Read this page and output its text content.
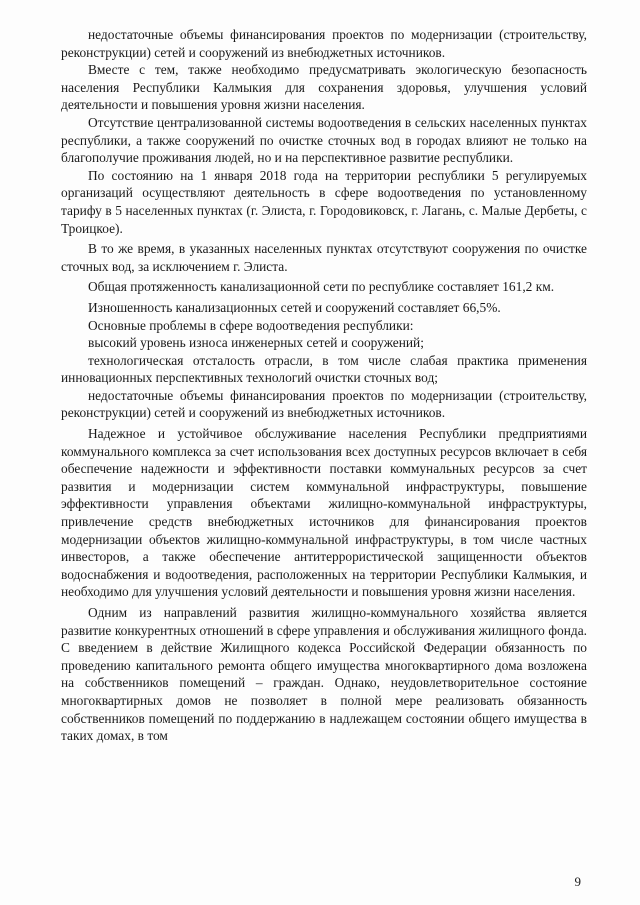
недостаточные объемы финансирования проектов по модернизации (строительству, реконструкции) сетей и сооружений из внебюджетных источников.

Вместе с тем, также необходимо предусматривать экологическую безопасность населения Республики Калмыкия для сохранения здоровья, улучшения условий деятельности и повышения уровня жизни населения.

Отсутствие централизованной системы водоотведения в сельских населенных пунктах республики, а также сооружений по очистке сточных вод в городах влияют не только на благополучие проживания людей, но и на перспективное развитие республики.

По состоянию на 1 января 2018 года на территории республики 5 регулируемых организаций осуществляют деятельность в сфере водоотведения по установленному тарифу в 5 населенных пунктах (г. Элиста, г. Городовиковск, г. Лагань, с. Малые Дербеты, с Троицкое).

В то же время, в указанных населенных пунктах отсутствуют сооружения по очистке сточных вод, за исключением г. Элиста.

Общая протяженность канализационной сети по республике составляет 161,2 км.

Изношенность канализационных сетей и сооружений составляет 66,5%.

Основные проблемы в сфере водоотведения республики:

высокий уровень износа инженерных сетей и сооружений;

технологическая отсталость отрасли, в том числе слабая практика применения инновационных перспективных технологий очистки сточных вод;

недостаточные объемы финансирования проектов по модернизации (строительству, реконструкции) сетей и сооружений из внебюджетных источников.

Надежное и устойчивое обслуживание населения Республики предприятиями коммунального комплекса за счет использования всех доступных ресурсов включает в себя обеспечение надежности и эффективности поставки коммунальных ресурсов за счет развития и модернизации систем коммунальной инфраструктуры, повышение эффективности управления объектами жилищно-коммунальной инфраструктуры, привлечение средств внебюджетных источников для финансирования проектов модернизации объектов жилищно-коммунальной инфраструктуры, в том числе частных инвесторов, а также обеспечение антитеррористической защищенности объектов водоснабжения и водоотведения, расположенных на территории Республики Калмыкия, и необходимо для улучшения условий деятельности и повышения уровня жизни населения.

Одним из направлений развития жилищно-коммунального хозяйства является развитие конкурентных отношений в сфере управления и обслуживания жилищного фонда. С введением в действие Жилищного кодекса Российской Федерации обязанность по проведению капитального ремонта общего имущества многоквартирного дома возложена на собственников помещений – граждан. Однако, неудовлетворительное состояние многоквартирных домов не позволяет в полной мере реализовать обязанность собственников помещений по поддержанию в надлежащем состоянии общего имущества в таких домах, в том

9
